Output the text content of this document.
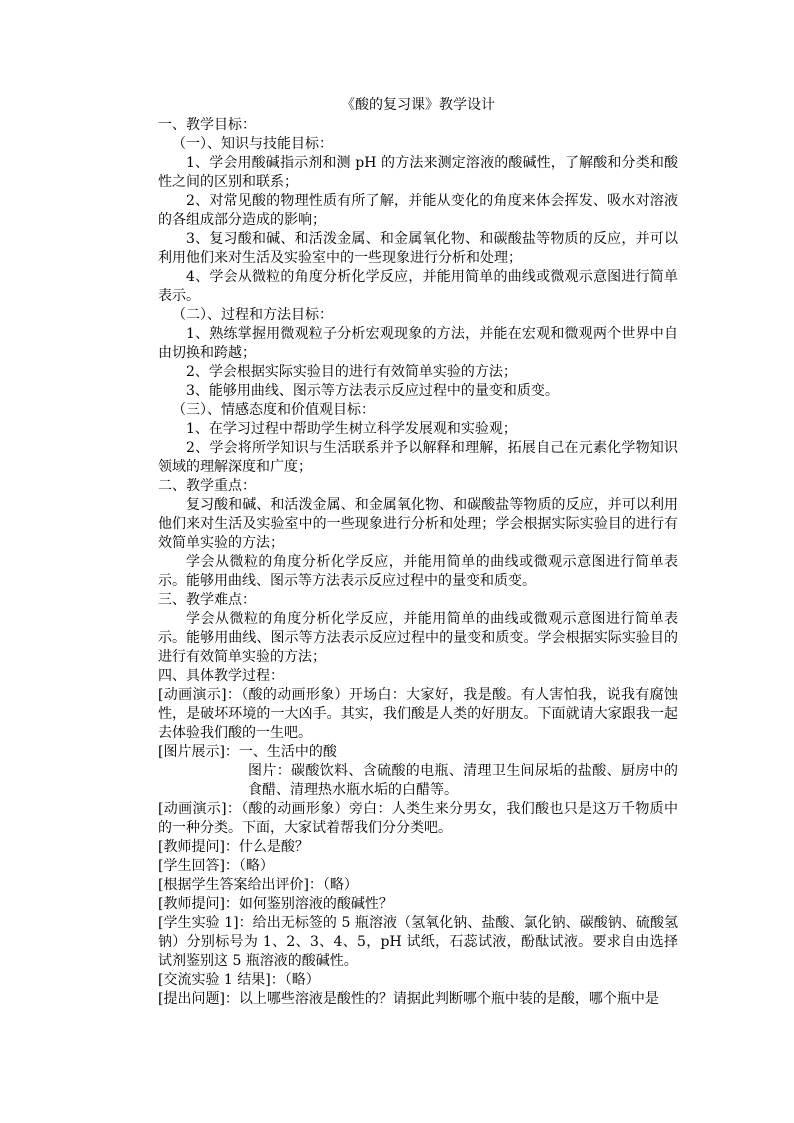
《酸的复习课》教学设计

一、教学目标：

（一）、知识与技能目标：

1、学会用酸碱指示剂和测 pH 的方法来测定溶液的酸碱性，了解酸和分类和酸性之间的区别和联系；

2、对常见酸的物理性质有所了解，并能从变化的角度来体会挥发、吸水对溶液的各组成部分造成的影响；

3、复习酸和碱、和活泼金属、和金属氧化物、和碳酸盐等物质的反应，并可以利用他们来对生活及实验室中的一些现象进行分析和处理；

4、学会从微粒的角度分析化学反应，并能用简单的曲线或微观示意图进行简单表示。

（二）、过程和方法目标：

1、熟练掌握用微观粒子分析宏观现象的方法，并能在宏观和微观两个世界中自由切换和跨越；

2、学会根据实际实验目的进行有效简单实验的方法；

3、能够用曲线、图示等方法表示反应过程中的量变和质变。

（三）、情感态度和价值观目标：

1、在学习过程中帮助学生树立科学发展观和实验观；

2、学会将所学知识与生活联系并予以解释和理解，拓展自己在元素化学物知识领域的理解深度和广度；

二、教学重点：

复习酸和碱、和活泼金属、和金属氧化物、和碳酸盐等物质的反应，并可以利用他们来对生活及实验室中的一些现象进行分析和处理；学会根据实际实验目的进行有效简单实验的方法；

学会从微粒的角度分析化学反应，并能用简单的曲线或微观示意图进行简单表示。能够用曲线、图示等方法表示反应过程中的量变和质变。

三、教学难点：

学会从微粒的角度分析化学反应，并能用简单的曲线或微观示意图进行简单表示。能够用曲线、图示等方法表示反应过程中的量变和质变。学会根据实际实验目的进行有效简单实验的方法；

四、具体教学过程：

[动画演示]：（酸的动画形象）开场白：大家好，我是酸。有人害怕我，说我有腐蚀性，是破坏环境的一大凶手。其实，我们酸是人类的好朋友。下面就请大家跟我一起去体验我们酸的一生吧。

[图片展示]：一、生活中的酸

图片：碳酸饮料、含硫酸的电瓶、清理卫生间尿垢的盐酸、厨房中的食醋、清理热水瓶水垢的白醋等。

[动画演示]：（酸的动画形象）旁白：人类生来分男女，我们酸也只是这万千物质中的一种分类。下面，大家试着帮我们分分类吧。

[教师提问]：什么是酸？

[学生回答]：（略）

[根据学生答案给出评价]：（略）

[教师提问]：如何鉴别溶液的酸碱性？

[学生实验 1]：给出无标签的 5 瓶溶液（氢氧化钠、盐酸、氯化钠、碳酸钠、硫酸氢钠）分别标号为 1、2、3、4、5，pH 试纸，石蕊试液，酚酞试液。要求自由选择试剂鉴别这 5 瓶溶液的酸碱性。

[交流实验 1 结果]：（略）

[提出问题]：以上哪些溶液是酸性的？请据此判断哪个瓶中装的是酸，哪个瓶中是
